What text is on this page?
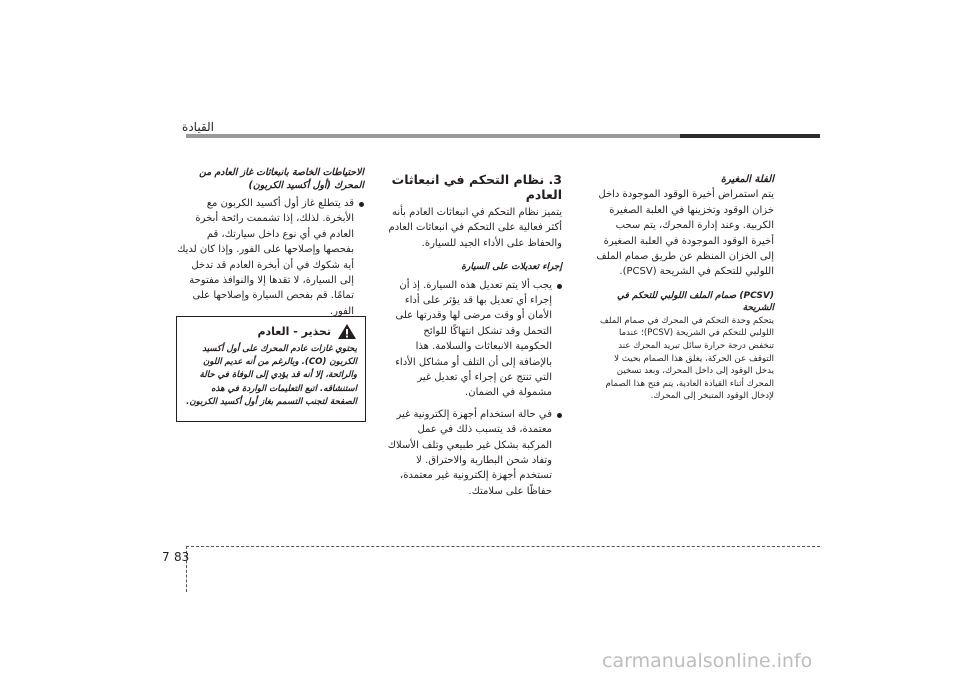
القيادة

الفلة المغيرة

يتم استمراض أخيرة الوقود الموجودة داخل خزان الوقود وتخزينها في العلبة الصغيرة الكربية. وعند إدارة المحرك، يتم سحب أخيرة الوقود الموجودة في العلبة الصغيرة إلى الخزان المنظم عن طريق صمام الملف اللولبي للتحكم في الشريحة (PCSV).

(PCSV) صمام الملف اللولبي للتحكم في الشريحة

يتحكم وحدة التحكم في المحرك في صمام الملف اللولبي للتحكم في الشريحة (PCSV)؛ عندما تنخفض درجة حرارة سائل تبريد المحرك عند التوقف عن الحركة، يغلق هذا الصمام بحيث لا يدخل الوقود إلى داخل المحرك، وبعد تسخين المحرك أثناء القيادة العادية، يتم فتح هذا الصمام لإدخال الوقود المتبخر إلى المحرك.

3. نظام التحكم في انبعاثات العادم

يتميز نظام التحكم في انبعاثات العادم بأنه أكثر فعالية على التحكم في انبعاثات العادم والحفاظ على الأداء الجيد للسيارة.

إجراء تعديلات على السيارة

يجب ألا يتم تعديل هذه السيارة. إذ أن إجراء أي تعديل بها قد يؤثر على أداء الأمان أو وقت مرضى لها وقدرتها على التحمل وقد تشكل انتهاكًا للوائح الحكومية الانبعاثات والسلامة. هذا بالإضافة إلى أن التلف أو مشاكل الأداء التي تنتج عن إجراء أي تعديل غير مشمولة في الضمان.
في حالة استخدام أجهزة إلكترونية غير معتمدة، قد يتسبب ذلك في عمل المركبة بشكل غير طبيعي وتلف الأسلاك وتفاد شحن البطارية والاحتراق. لا تستخدم أجهزة إلكترونية غير معتمدة، حفاظًا على سلامتك.

الاحتياطات الخاصة بانبعاثات غاز العادم من المحرك (أول أكسيد الكربون)

قد يتطلع غاز أول أكسيد الكربون مع الأبخرة. لذلك، إذا تشممت رائحة أبخرة العادم في أي نوع داخل سيارتك، قم بفحصها وإصلاحها على الفور. وإذا كان لديك أية شكوك في أن أبخرة العادم قد تدخل إلى السيارة، لا تقدها إلا والنوافذ مفتوحة تمامًا. قم بفحص السيارة وإصلاحها على الفور.
تحذير - العادم
يحتوي غازات عادم المحرك على أول أكسيد الكربون (CO). وبالرغم من أنه عديم اللون والرائحة، إلا أنه قد يؤدي إلى الوفاة في حالة استنشاقه. اتبع التعليمات الواردة في هذه الصفحة لتجنب التسمم بغاز أول أكسيد الكربون.
7 83
carmanualsonline.info
